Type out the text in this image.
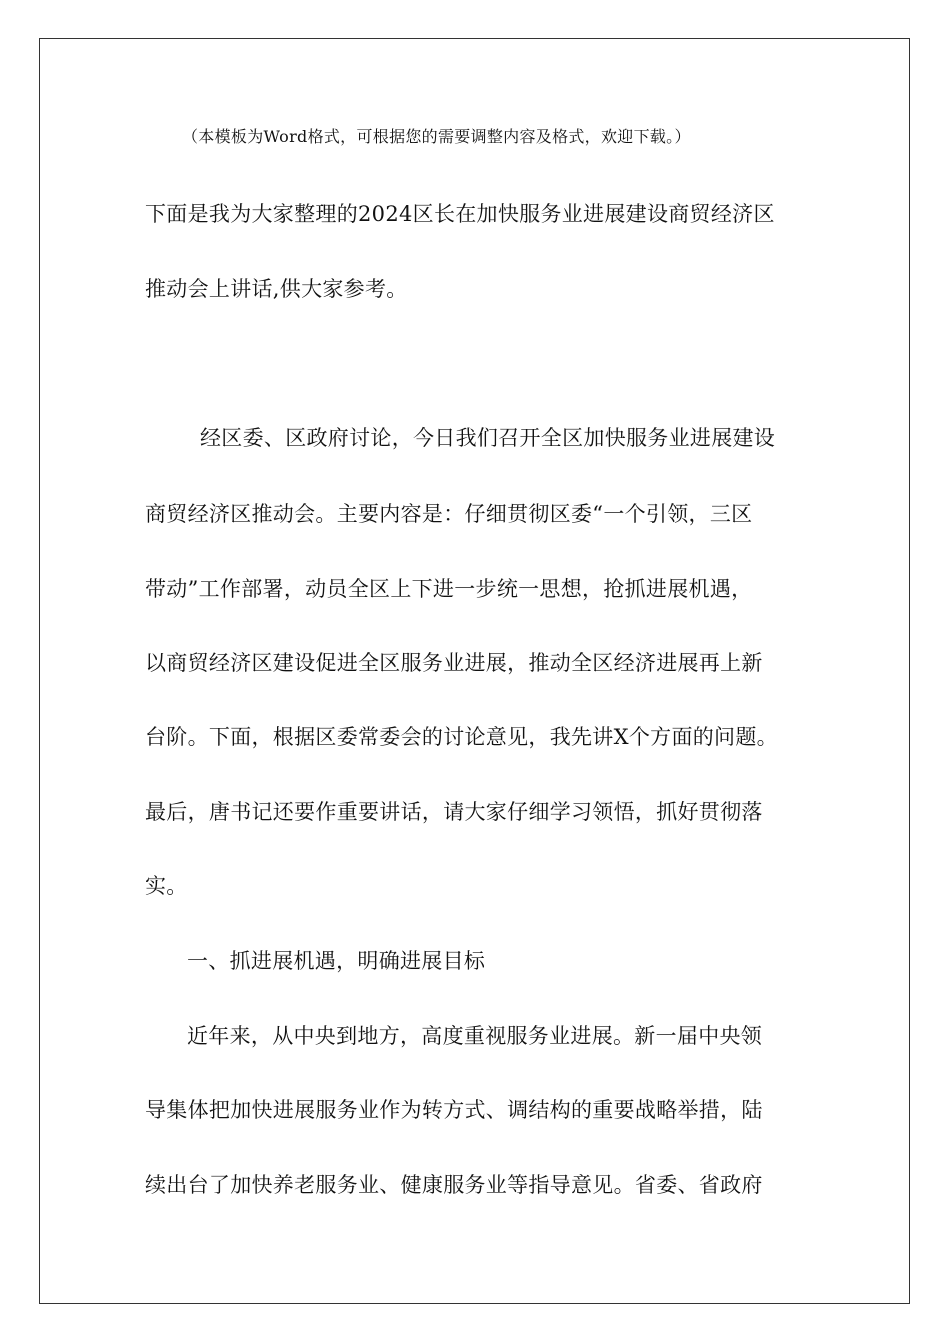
（本模板为Word格式，可根据您的需要调整内容及格式，欢迎下载。）
下面是我为大家整理的2024区长在加快服务业进展建设商贸经济区
推动会上讲话,供大家参考。
经区委、区政府讨论，今日我们召开全区加快服务业进展建设
商贸经济区推动会。主要内容是：仔细贯彻区委“一个引领，三区
带动”工作部署，动员全区上下进一步统一思想，抢抓进展机遇，
以商贸经济区建设促进全区服务业进展，推动全区经济进展再上新
台阶。下面，根据区委常委会的讨论意见，我先讲X个方面的问题。
最后，唐书记还要作重要讲话，请大家仔细学习领悟，抓好贯彻落
实。
一、抓进展机遇，明确进展目标
近年来，从中央到地方，高度重视服务业进展。新一届中央领
导集体把加快进展服务业作为转方式、调结构的重要战略举措，陆
续出台了加快养老服务业、健康服务业等指导意见。省委、省政府
